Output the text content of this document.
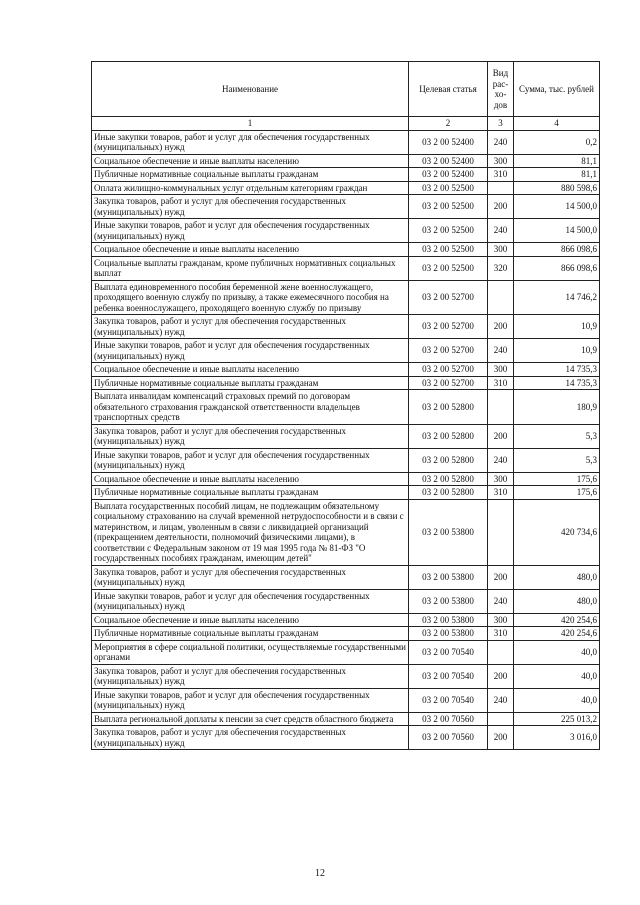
Наименование	Целевая статья	Вид рас-хо-дов	Сумма, тыс. рублей
1	2	3	4
Иные закупки товаров, работ и услуг для обеспечения государственных (муниципальных) нужд	03 2 00 52400	240	0,2
Социальное обеспечение и иные выплаты населению	03 2 00 52400	300	81,1
Публичные нормативные социальные выплаты гражданам	03 2 00 52400	310	81,1
Оплата жилищно-коммунальных услуг отдельным категориям граждан	03 2 00 52500		880 598,6
Закупка товаров, работ и услуг для обеспечения государственных (муниципальных) нужд	03 2 00 52500	200	14 500,0
Иные закупки товаров, работ и услуг для обеспечения государственных (муниципальных) нужд	03 2 00 52500	240	14 500,0
Социальное обеспечение и иные выплаты населению	03 2 00 52500	300	866 098,6
Социальные выплаты гражданам, кроме публичных нормативных социальных выплат	03 2 00 52500	320	866 098,6
Выплата единовременного пособия беременной жене военнослужащего, проходящего военную службу по призыву, а также ежемесячного пособия на ребенка военнослужащего, проходящего военную службу по призыву	03 2 00 52700		14 746,2
Закупка товаров, работ и услуг для обеспечения государственных (муниципальных) нужд	03 2 00 52700	200	10,9
Иные закупки товаров, работ и услуг для обеспечения государственных (муниципальных) нужд	03 2 00 52700	240	10,9
Социальное обеспечение и иные выплаты населению	03 2 00 52700	300	14 735,3
Публичные нормативные социальные выплаты гражданам	03 2 00 52700	310	14 735,3
Выплата инвалидам компенсаций страховых премий по договорам обязательного страхования гражданской ответственности владельцев транспортных средств	03 2 00 52800		180,9
Закупка товаров, работ и услуг для обеспечения государственных (муниципальных) нужд	03 2 00 52800	200	5,3
Иные закупки товаров, работ и услуг для обеспечения государственных (муниципальных) нужд	03 2 00 52800	240	5,3
Социальное обеспечение и иные выплаты населению	03 2 00 52800	300	175,6
Публичные нормативные социальные выплаты гражданам	03 2 00 52800	310	175,6
Выплата государственных пособий лицам, не подлежащим обязательному социальному страхованию на случай временной нетрудоспособности и в связи с материнством, и лицам, уволенным в связи с ликвидацией организаций (прекращением деятельности, полномочий физическими лицами), в соответствии с Федеральным законом от 19 мая 1995 года № 81-ФЗ "О государственных пособиях гражданам, имеющим детей"	03 2 00 53800		420 734,6
Закупка товаров, работ и услуг для обеспечения государственных (муниципальных) нужд	03 2 00 53800	200	480,0
Иные закупки товаров, работ и услуг для обеспечения государственных (муниципальных) нужд	03 2 00 53800	240	480,0
Социальное обеспечение и иные выплаты населению	03 2 00 53800	300	420 254,6
Публичные нормативные социальные выплаты гражданам	03 2 00 53800	310	420 254,6
Мероприятия в сфере социальной политики, осуществляемые государственными органами	03 2 00 70540		40,0
Закупка товаров, работ и услуг для обеспечения государственных (муниципальных) нужд	03 2 00 70540	200	40,0
Иные закупки товаров, работ и услуг для обеспечения государственных (муниципальных) нужд	03 2 00 70540	240	40,0
Выплата региональной доплаты к пенсии за счет средств областного бюджета	03 2 00 70560		225 013,2
Закупка товаров, работ и услуг для обеспечения государственных (муниципальных) нужд	03 2 00 70560	200	3 016,0
12
